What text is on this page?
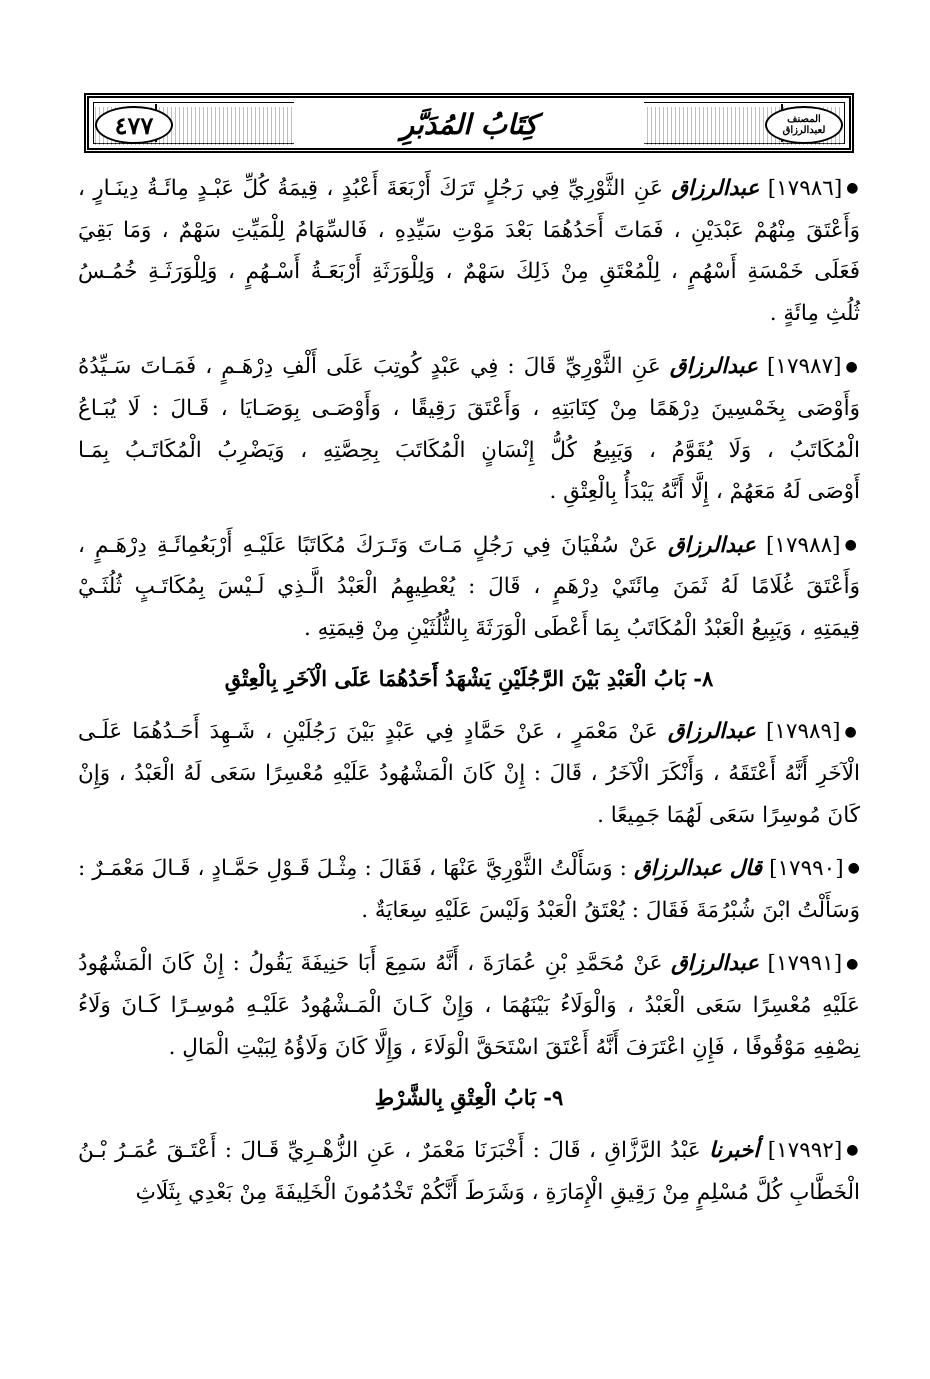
٤٧٧	كِتَابُ المُدَبَّرِ	المصنف
لعبدالرزاق
●[١٧٩٨٦] عبدالرزاق عَنِ الثَّوْرِيِّ فِي رَجُلٍ تَرَكَ أَرْبَعَةَ أَعْبُدٍ ، قِيمَةُ كُلِّ عَبْـدٍ مِائَـةُ دِينَـارٍ ،
وَأَعْتَقَ مِنْهُمْ عَبْدَيْنِ ، فَمَاتَ أَحَدُهُمَا بَعْدَ مَوْتِ سَيِّدِهِ ، فَالسِّهَامُ لِلْمَيِّتِ سَهْمٌ ، وَمَا بَقِيَ
فَعَلَى خَمْسَةِ أَسْهُمٍ ، لِلْمُعْتَقِ مِنْ ذَلِكَ سَهْمٌ ، وَلِلْوَرَثَةِ أَرْبَعَـةُ أَسْـهُمٍ ، وَلِلْوَرَثَـةِ خُمُـسُ
ثُلُثِ مِائَةٍ .
●[١٧٩٨٧] عبدالرزاق عَنِ الثَّوْرِيِّ قَالَ : فِي عَبْدٍ كُوتِبَ عَلَى أَلْفِ دِرْهَـمٍ ، فَمَـاتَ سَـيِّدُهُ
وَأَوْصَى بِخَمْسِينَ دِرْهَمًا مِنْ كِتَابَتِهِ ، وَأَعْتَقَ رَقِيقًا ، وَأَوْصَـى بِوَصَـايَا ، قَـالَ : لَا يُبَـاعُ
الْمُكَاتَبُ ، وَلَا يُقَوَّمُ ، وَيَبِيعُ كُلُّ إِنْسَانٍ الْمُكَاتَبَ بِحِصَّتِهِ ، وَيَضْرِبُ الْمُكَاتَـبُ بِمَـا
أَوْصَى لَهُ مَعَهُمْ ، إِلَّا أَنَّهُ يَبْدَأُ بِالْعِتْقِ .
●[١٧٩٨٨] عبدالرزاق عَنْ سُفْيَانَ فِي رَجُلٍ مَـاتَ وَتَـرَكَ مُكَاتَبًا عَلَيْـهِ أَرْبَعُمِائَـةِ دِرْهَـمٍ ،
وَأَعْتَقَ غُلَامًا لَهُ ثَمَنَ مِائَتَيْ دِرْهَمٍ ، قَالَ : يُعْطِيهِمُ الْعَبْدُ الَّـذِي لَـيْسَ بِمُكَاتَـبٍ ثُلُثَـيْ
قِيمَتِهِ ، وَيَبِيعُ الْعَبْدُ الْمُكَاتَبُ بِمَا أَعْطَى الْوَرَثَةَ بِالثُّلُثَيْنِ مِنْ قِيمَتِهِ .
٨- بَابُ الْعَبْدِ بَيْنَ الرَّجُلَيْنِ يَشْهَدُ أَحَدُهُمَا عَلَى الْآخَرِ بِالْعِتْقِ
●[١٧٩٨٩] عبدالرزاق عَنْ مَعْمَرٍ ، عَنْ حَمَّادٍ فِي عَبْدٍ بَيْنَ رَجُلَيْنِ ، شَـهِدَ أَحَـدُهُمَا عَلَـى
الْآخَرِ أَنَّهُ أَعْتَقَهُ ، وَأَنْكَرَ الْآخَرُ ، قَالَ : إِنْ كَانَ الْمَشْهُودُ عَلَيْهِ مُعْسِرًا سَعَى لَهُ الْعَبْدُ ، وَإِنْ
كَانَ مُوسِرًا سَعَى لَهُمَا جَمِيعًا .
●[١٧٩٩٠] قال عبدالرزاق : وَسَأَلْتُ الثَّوْرِيَّ عَنْهَا ، فَقَالَ : مِثْـلَ قَـوْلِ حَمَّـادٍ ، قَـالَ مَعْمَـرٌ :
وَسَأَلْتُ ابْنَ شُبْرُمَةَ فَقَالَ : يُعْتَقُ الْعَبْدُ وَلَيْسَ عَلَيْهِ سِعَايَةٌ .
●[١٧٩٩١] عبدالرزاق عَنْ مُحَمَّدِ بْنِ عُمَارَةَ ، أَنَّهُ سَمِعَ أَبَا حَنِيفَةَ يَقُولُ : إِنْ كَانَ الْمَشْهُودُ
عَلَيْهِ مُعْسِرًا سَعَى الْعَبْدُ ، وَالْوَلَاءُ بَيْنَهُمَا ، وَإِنْ كَـانَ الْمَـشْهُودُ عَلَيْـهِ مُوسِـرًا كَـانَ وَلَاءُ
نِصْفِهِ مَوْقُوفًا ، فَإِنِ اعْتَرَفَ أَنَّهُ أَعْتَقَ اسْتَحَقَّ الْوَلَاءَ ، وَإِلَّا كَانَ وَلَاؤُهُ لِبَيْتِ الْمَالِ .
٩- بَابُ الْعِتْقِ بِالشَّرْطِ
●[١٧٩٩٢] أخبرنا عَبْدُ الرَّزَّاقِ ، قَالَ : أَخْبَرَنَا مَعْمَرٌ ، عَنِ الزُّهْـرِيِّ قَـالَ : أَعْتَـقَ عُمَـرُ بْـنُ
الْخَطَّابِ كُلَّ مُسْلِمٍ مِنْ رَقِيقِ الْإِمَارَةِ ، وَشَرَطَ أَنَّكُمْ تَخْدُمُونَ الْخَلِيفَةَ مِنْ بَعْدِي بِثَلَاثِ
